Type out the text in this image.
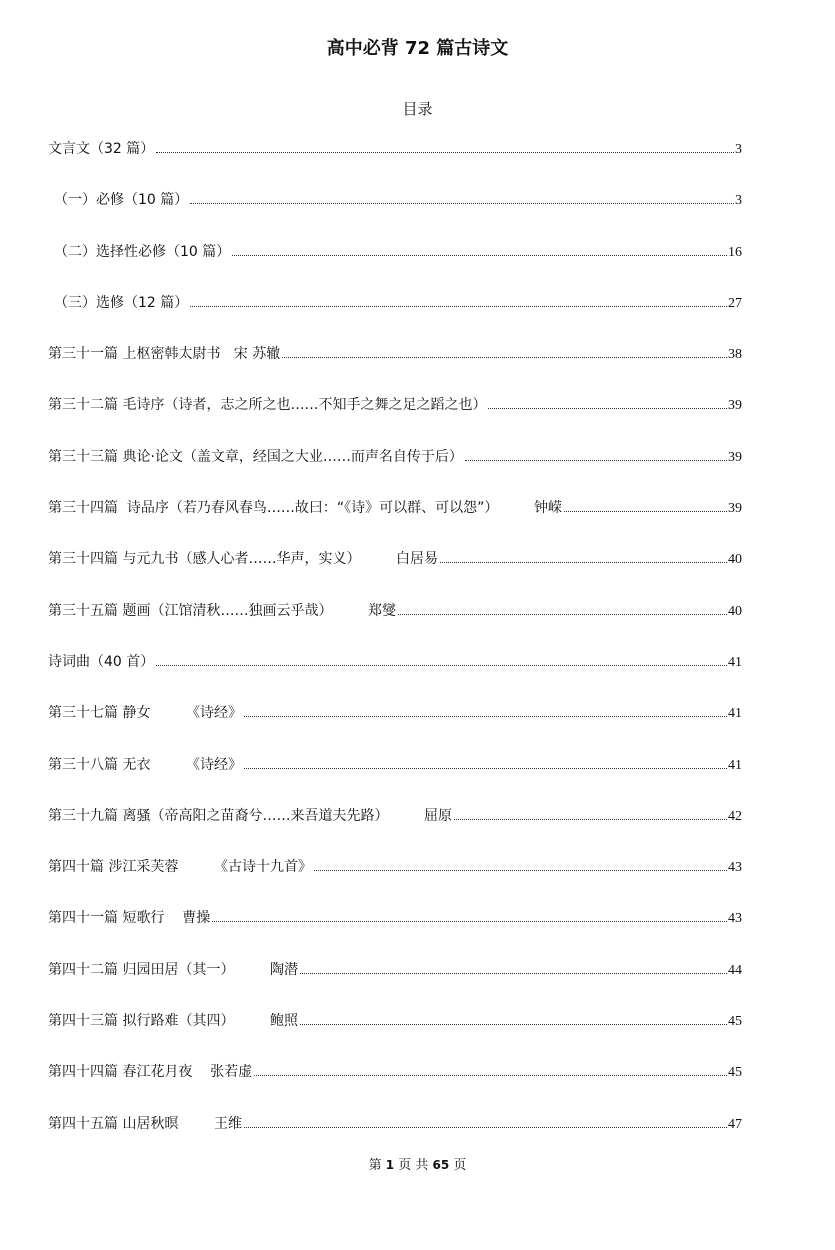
高中必背 72 篇古诗文
目录
文言文（32 篇）	3
（一）必修（10 篇）	3
（二）选择性必修（10 篇）	16
（三）选修（12 篇）	27
第三十一篇 上枢密韩太尉书   宋 苏辙	38
第三十二篇 毛诗序（诗者，志之所之也……不知手之舞之足之蹈之也）	39
第三十三篇 典论·论文（盖文章，经国之大业……而声名自传于后）	39
第三十四篇  诗品序（若乃春风春鸟……故曰：“《诗》可以群、可以怨”）        钟嵘	39
第三十四篇 与元九书（感人心者……华声，实义）        白居易	40
第三十五篇 题画（江馆清秋……独画云乎哉）        郑燮	40
诗词曲（40 首）	41
第三十七篇 静女        《诗经》	41
第三十八篇 无衣        《诗经》	41
第三十九篇 离骚（帝高阳之苗裔兮……来吾道夫先路）        屈原	42
第四十篇 涉江采芙蓉        《古诗十九首》	43
第四十一篇 短歌行    曹操	43
第四十二篇 归园田居（其一）        陶潜	44
第四十三篇 拟行路难（其四）        鲍照	45
第四十四篇 春江花月夜    张若虚	45
第四十五篇 山居秋暝        王维	47
第 1 页 共 65 页
